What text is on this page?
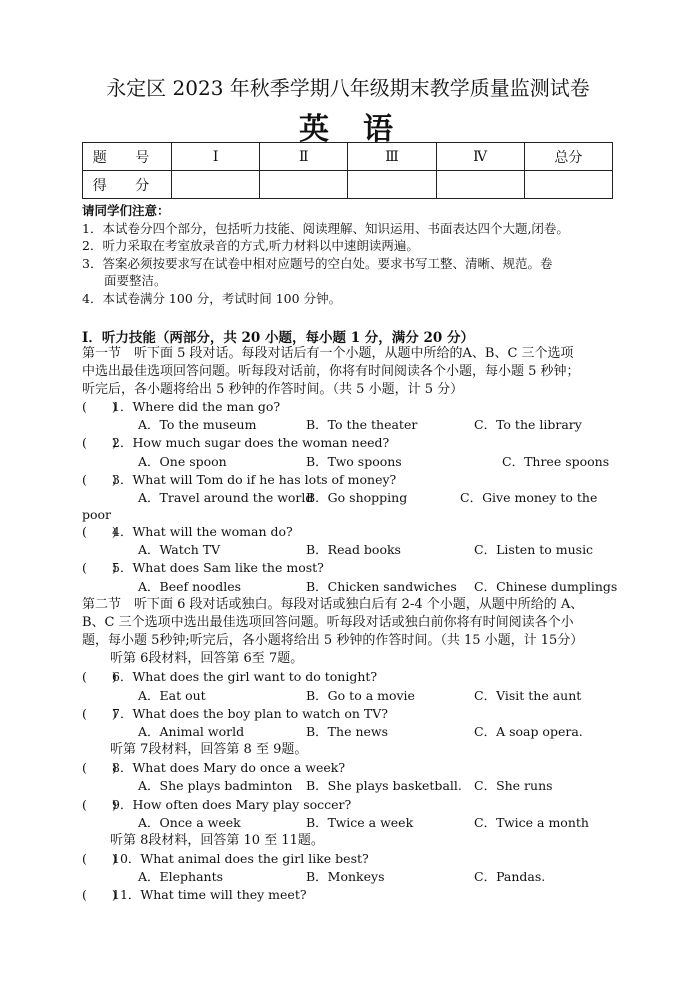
永定区 2023 年秋季学期八年级期末教学质量监测试卷
英语
题 号	Ⅰ	Ⅱ	Ⅲ	Ⅳ	总分
得 分					
请同学们注意：
1．本试卷分四个部分，包括听力技能、阅读理解、知识运用、书面表达四个大题,闭卷。
2．听力采取在考室放录音的方式,听力材料以中速朗读两遍。
3．答案必须按要求写在试卷中相对应题号的空白处。要求书写工整、清晰、规范。卷
面要整洁。
4．本试卷满分 100 分，考试时间 100 分钟。
Ⅰ．听力技能（两部分，共 20 小题，每小题 1 分，满分 20 分）
第一节　听下面 5 段对话。每段对话后有一个小题，从题中所给的A、B、C 三个选项
中选出最佳选项回答问题。听每段对话前，你将有时间阅读各个小题，每小题 5 秒钟；
听完后，各小题将给出 5 秒钟的作答时间。（共 5 小题，计 5 分）
(　　)1．Where did the man go?
A．To the museum	B．To the theater	C．To the library
(　　)2．How much sugar does the woman need?
A．One spoon	B．Two spoons	C．Three spoons
(　　)3．What will Tom do if he has lots of money?
A．Travel around the world
B．Go shopping	C．Give money to the
poor
(　　)4．What will the woman do?
A．Watch TV	B．Read books	C．Listen to music
(　　)5．What does Sam like the most?
A．Beef noodles	B．Chicken sandwiches C．Chinese dumplings
第二节　听下面 6 段对话或独白。每段对话或独白后有 2-4 个小题，从题中所给的 A、
B、C 三个选项中选出最佳选项回答问题。听每段对话或独白前你将有时间阅读各个小
题，每小题 5秒钟;听完后，各小题将给出 5 秒钟的作答时间。（共 15 小题，计 15分）
听第 6段材料，回答第 6至 7题。
(　　)6．What does the girl want to do tonight?
A．Eat out	B．Go to a movie	C．Visit the aunt
(　　)7．What does the boy plan to watch on TV?
A．Animal world	B．The news	C．A soap opera.
听第 7段材料，回答第 8 至 9题。
(　　)8．What does Mary do once a week?
A．She plays badminton B．She plays basketball. C．She runs
(　　)9．How often does Mary play soccer?
A．Once a week	B．Twice a week	C．Twice a month
听第 8段材料，回答第 10 至 11题。
(　　)10．What animal does the girl like best?
A．Elephants	B．Monkeys	C．Pandas.
(　　)11．What time will they meet?
